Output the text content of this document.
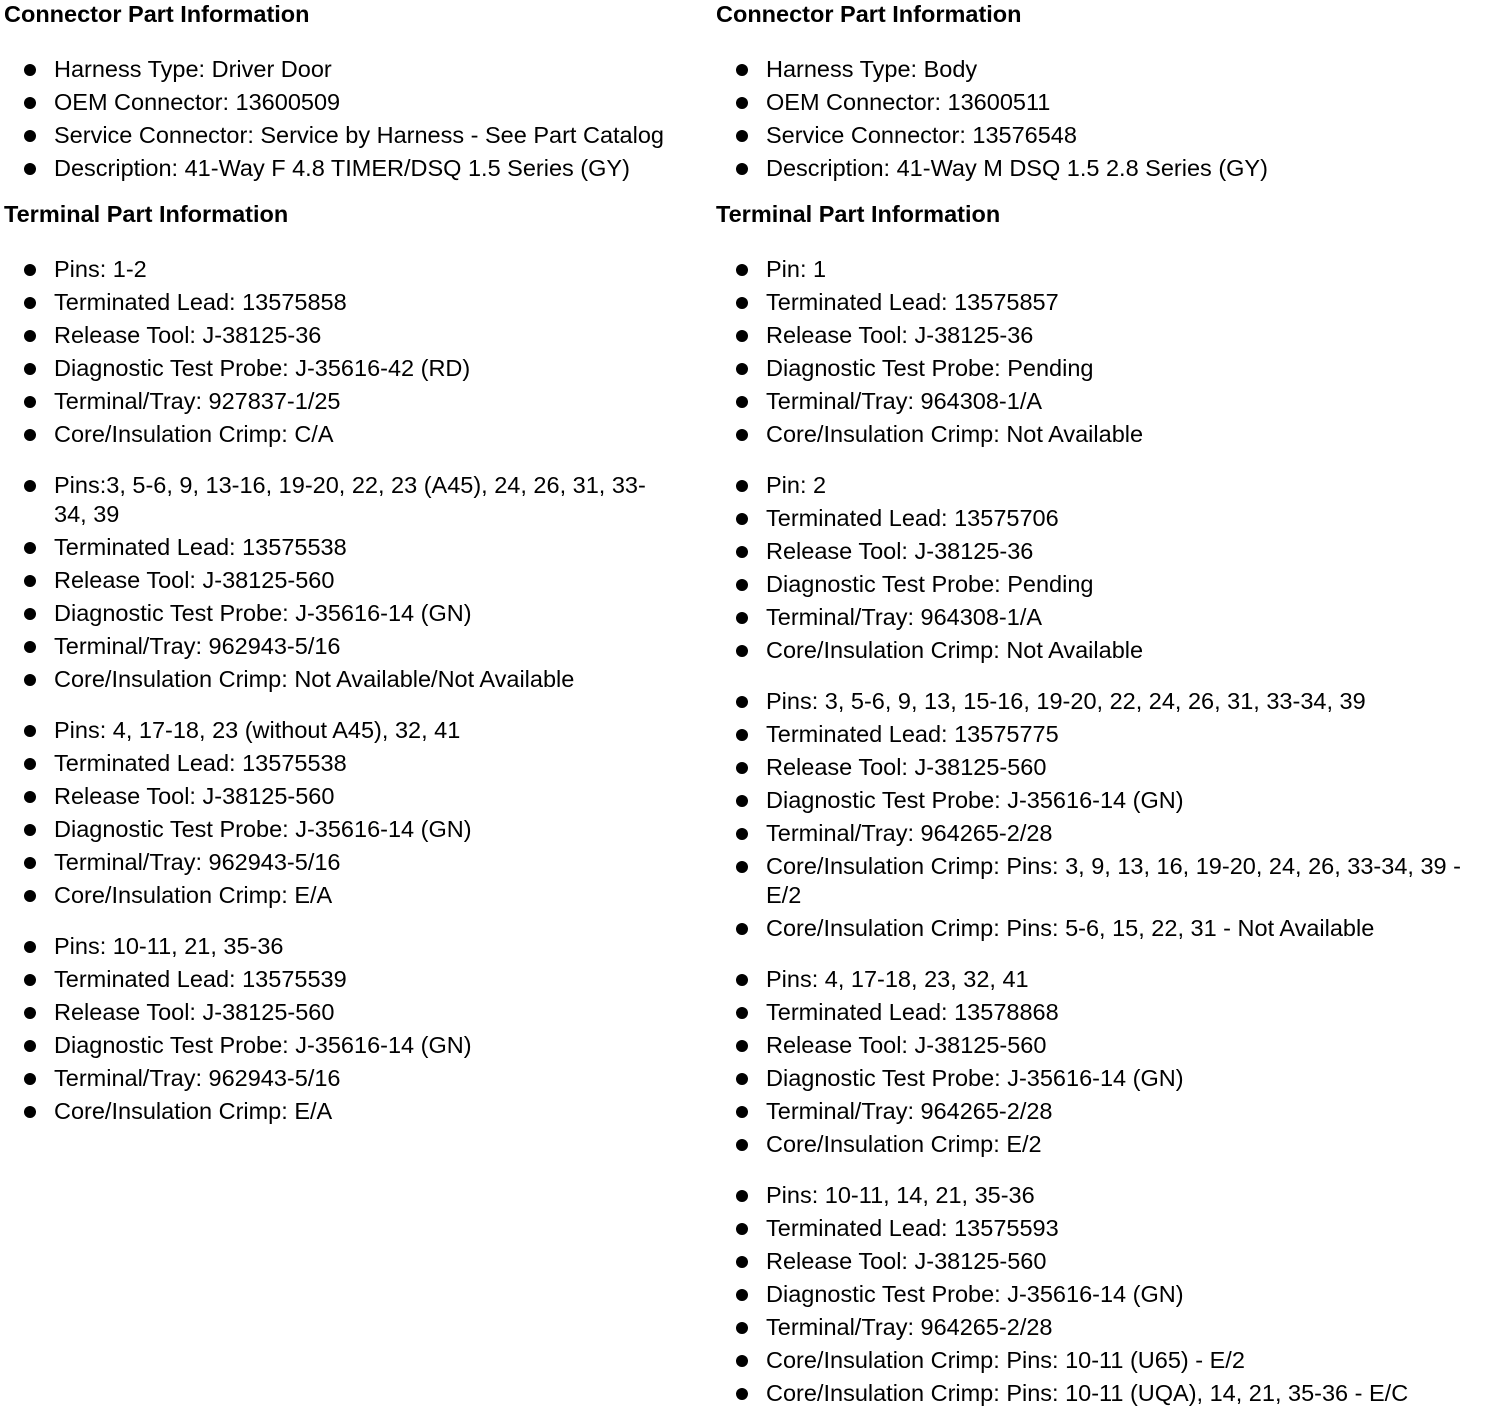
Connector Part Information
Harness Type: Driver Door
OEM Connector: 13600509
Service Connector: Service by Harness - See Part Catalog
Description: 41-Way F 4.8 TIMER/DSQ 1.5 Series (GY)
Terminal Part Information
Pins: 1-2
Terminated Lead: 13575858
Release Tool: J-38125-36
Diagnostic Test Probe: J-35616-42 (RD)
Terminal/Tray: 927837-1/25
Core/Insulation Crimp: C/A
Pins:3, 5-6, 9, 13-16, 19-20, 22, 23 (A45), 24, 26, 31, 33-34, 39
Terminated Lead: 13575538
Release Tool: J-38125-560
Diagnostic Test Probe: J-35616-14 (GN)
Terminal/Tray: 962943-5/16
Core/Insulation Crimp: Not Available/Not Available
Pins: 4, 17-18, 23 (without A45), 32, 41
Terminated Lead: 13575538
Release Tool: J-38125-560
Diagnostic Test Probe: J-35616-14 (GN)
Terminal/Tray: 962943-5/16
Core/Insulation Crimp: E/A
Pins: 10-11, 21, 35-36
Terminated Lead: 13575539
Release Tool: J-38125-560
Diagnostic Test Probe: J-35616-14 (GN)
Terminal/Tray: 962943-5/16
Core/Insulation Crimp: E/A
Connector Part Information
Harness Type: Body
OEM Connector: 13600511
Service Connector: 13576548
Description: 41-Way M DSQ 1.5 2.8 Series (GY)
Terminal Part Information
Pin: 1
Terminated Lead: 13575857
Release Tool: J-38125-36
Diagnostic Test Probe: Pending
Terminal/Tray: 964308-1/A
Core/Insulation Crimp: Not Available
Pin: 2
Terminated Lead: 13575706
Release Tool: J-38125-36
Diagnostic Test Probe: Pending
Terminal/Tray: 964308-1/A
Core/Insulation Crimp: Not Available
Pins: 3, 5-6, 9, 13, 15-16, 19-20, 22, 24, 26, 31, 33-34, 39
Terminated Lead: 13575775
Release Tool: J-38125-560
Diagnostic Test Probe: J-35616-14 (GN)
Terminal/Tray: 964265-2/28
Core/Insulation Crimp: Pins: 3, 9, 13, 16, 19-20, 24, 26, 33-34, 39 - E/2
Core/Insulation Crimp: Pins: 5-6, 15, 22, 31 - Not Available
Pins: 4, 17-18, 23, 32, 41
Terminated Lead: 13578868
Release Tool: J-38125-560
Diagnostic Test Probe: J-35616-14 (GN)
Terminal/Tray: 964265-2/28
Core/Insulation Crimp: E/2
Pins: 10-11, 14, 21, 35-36
Terminated Lead: 13575593
Release Tool: J-38125-560
Diagnostic Test Probe: J-35616-14 (GN)
Terminal/Tray: 964265-2/28
Core/Insulation Crimp: Pins: 10-11 (U65) - E/2
Core/Insulation Crimp: Pins: 10-11 (UQA), 14, 21, 35-36 - E/C
